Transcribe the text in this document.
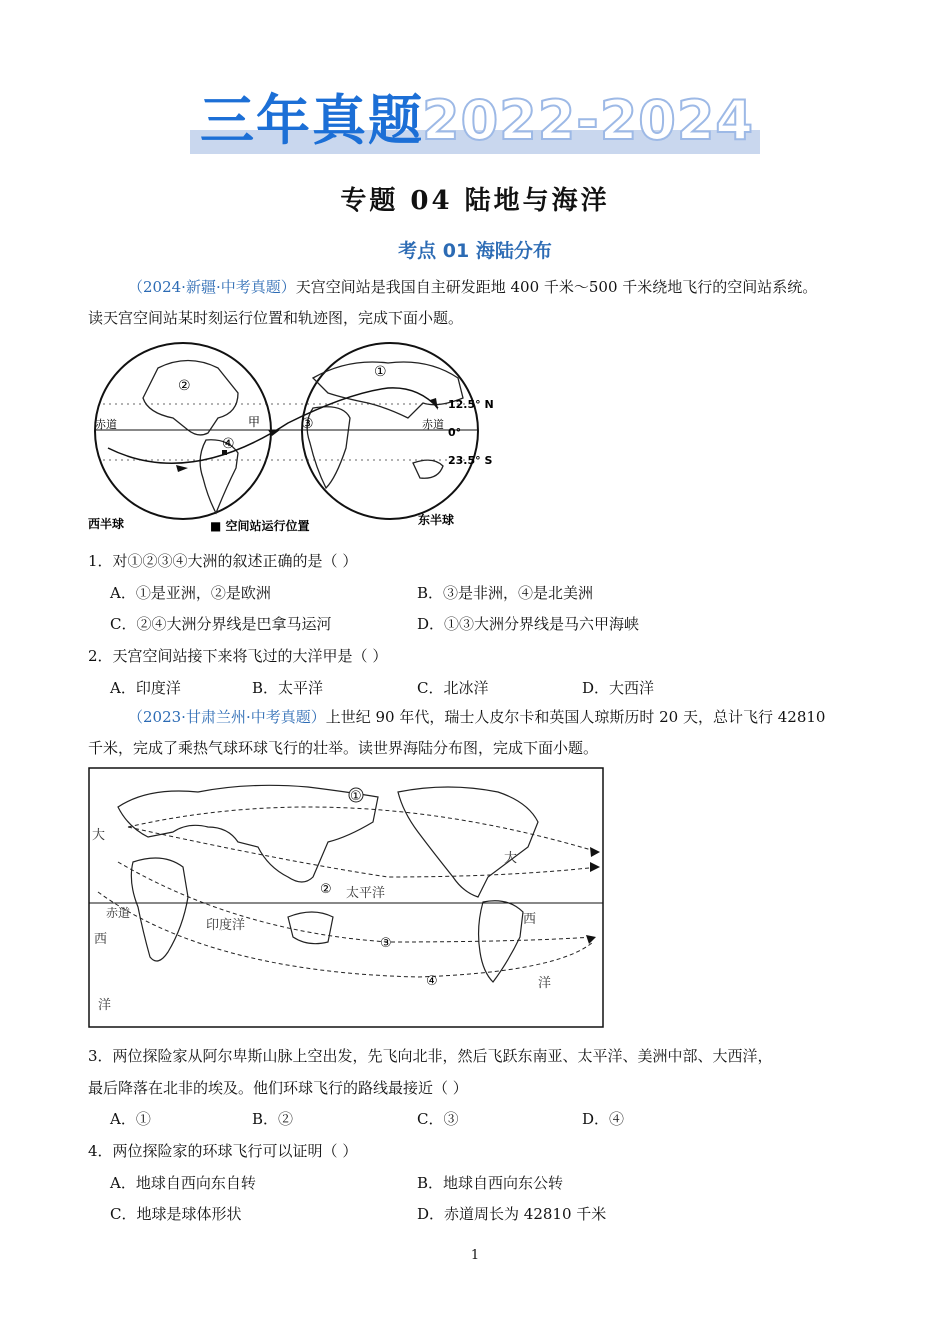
三年真题
2022-2024
专题 04 陆地与海洋
考点 01 海陆分布
（2024·新疆·中考真题）天宫空间站是我国自主研发距地 400 千米～500 千米绕地飞行的空间站系统。
读天宫空间站某时刻运行位置和轨迹图，完成下面小题。
②
④
①
③
甲
赤道	赤道
12.5° N
0°
23.5° S
西半球	■ 空间站运行位置	东半球
1．对①②③④大洲的叙述正确的是（ ）
A．①是亚洲，②是欧洲	B．③是非洲，④是北美洲
C．②④大洲分界线是巴拿马运河	D．①③大洲分界线是马六甲海峡
2．天宫空间站接下来将飞过的大洋甲是（ ）
A．印度洋	B．太平洋	C．北冰洋	D．大西洋
（2023·甘肃兰州·中考真题）上世纪 90 年代，瑞士人皮尔卡和英国人琼斯历时 20 天，总计飞行 42810
千米，完成了乘热气球环球飞行的壮举。读世界海陆分布图，完成下面小题。
①
②
③
④
大
赤道
西
洋
印度洋
太平洋
大
西
洋
3．两位探险家从阿尔卑斯山脉上空出发，先飞向北非，然后飞跃东南亚、太平洋、美洲中部、大西洋，
最后降落在北非的埃及。他们环球飞行的路线最接近（ ）
A．①	B．②	C．③	D．④
4．两位探险家的环球飞行可以证明（ ）
A．地球自西向东自转	B．地球自西向东公转
C．地球是球体形状	D．赤道周长为 42810 千米
1
